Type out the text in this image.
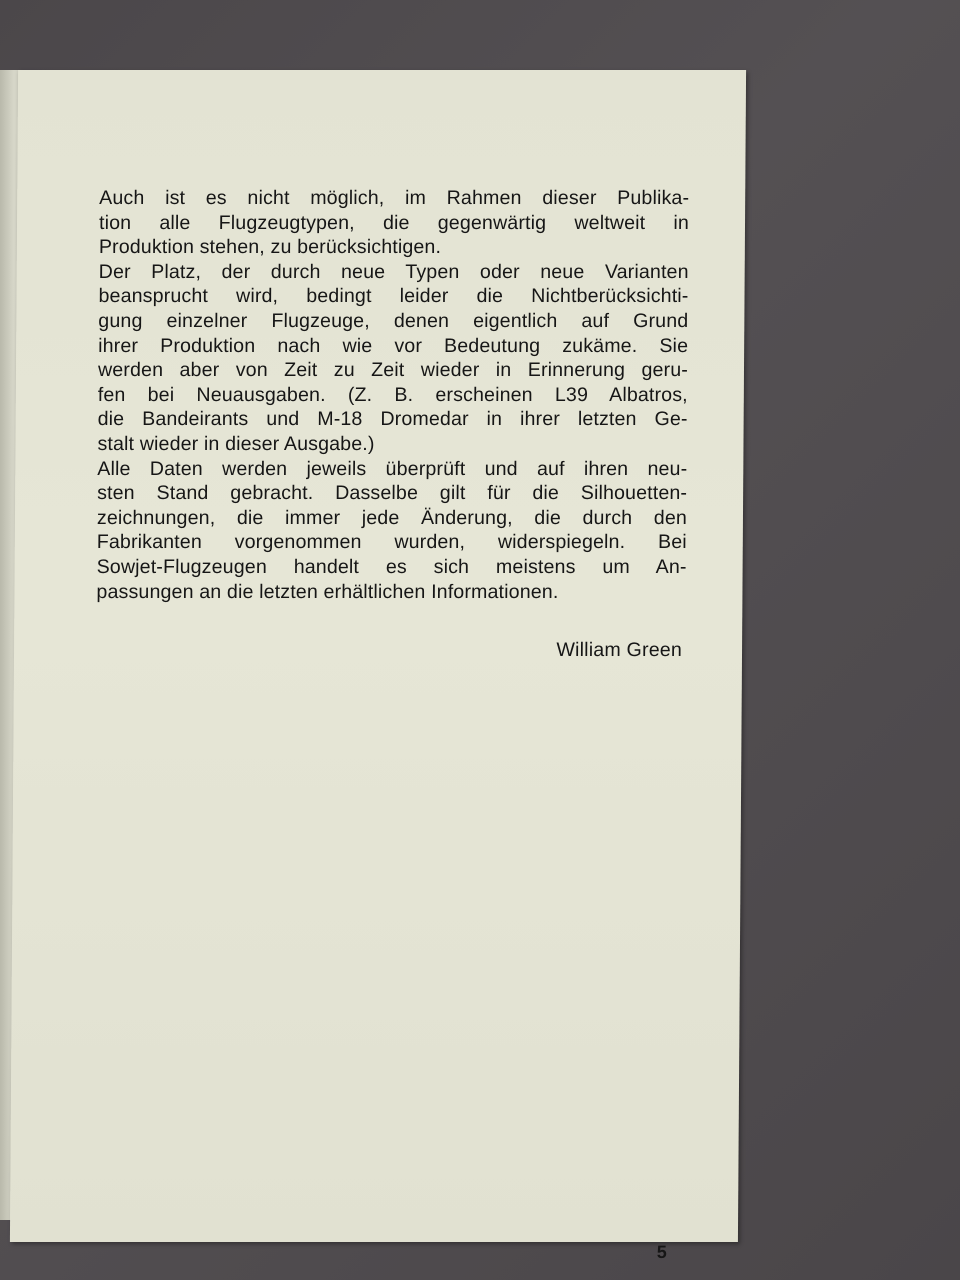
Auch ist es nicht möglich, im Rahmen dieser Publika-
tion alle Flugzeugtypen, die gegenwärtig weltweit in
Produktion stehen, zu berücksichtigen.
Der Platz, der durch neue Typen oder neue Varianten
beansprucht wird, bedingt leider die Nichtberücksichti-
gung einzelner Flugzeuge, denen eigentlich auf Grund
ihrer Produktion nach wie vor Bedeutung zukäme. Sie
werden aber von Zeit zu Zeit wieder in Erinnerung geru-
fen bei Neuausgaben. (Z. B. erscheinen L39 Albatros,
die Bandeirants und M-18 Dromedar in ihrer letzten Ge-
stalt wieder in dieser Ausgabe.)
Alle Daten werden jeweils überprüft und auf ihren neu-
sten Stand gebracht. Dasselbe gilt für die Silhouetten-
zeichnungen, die immer jede Änderung, die durch den
Fabrikanten vorgenommen wurden, widerspiegeln. Bei
Sowjet-Flugzeugen handelt es sich meistens um An-
passungen an die letzten erhältlichen Informationen.
William Green
5
